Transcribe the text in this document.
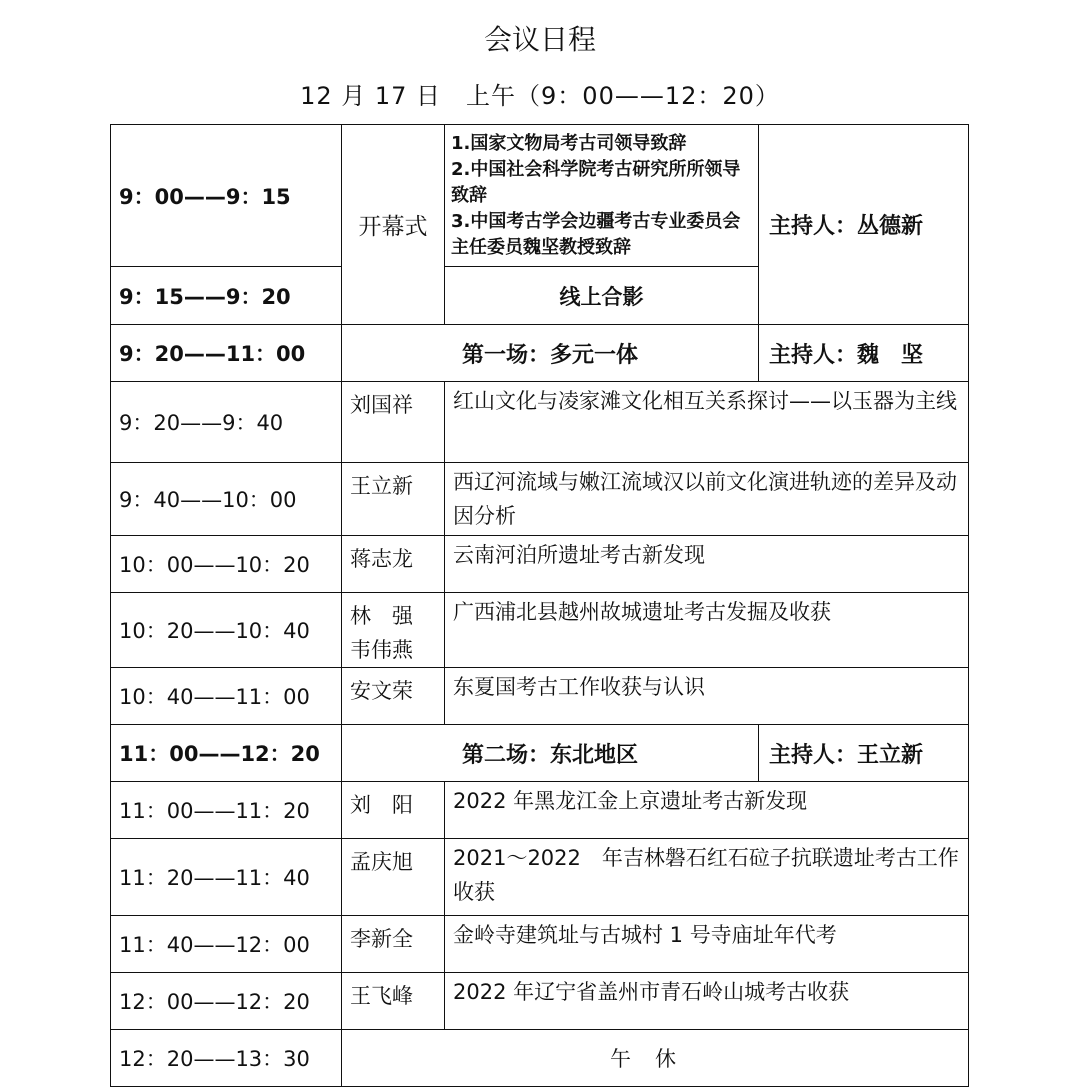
会议日程
12 月 17 日　上午（9：00——12：20）
9：00——9：15	开幕式	1.国家文物局考古司领导致辞
2.中国社会科学院考古研究所所领导致辞
3.中国考古学会边疆考古专业委员会主任委员魏坚教授致辞	主持人：丛德新
9：15——9：20		线上合影	
9：20——11：00	第一场：多元一体		主持人：魏　坚
9：20——9：40	刘国祥	红山文化与凌家滩文化相互关系探讨——以玉器为主线	
9：40——10：00	王立新	西辽河流域与嫩江流域汉以前文化演进轨迹的差异及动因分析	
10：00——10：20	蒋志龙	云南河泊所遗址考古新发现	
10：20——10：40	林　强
韦伟燕	广西浦北县越州故城遗址考古发掘及收获	
10：40——11：00	安文荣	东夏国考古工作收获与认识	
11：00——12：20	第二场：东北地区		主持人：王立新
11：00——11：20	刘　阳	2022 年黑龙江金上京遗址考古新发现	
11：20——11：40	孟庆旭	2021～2022　年吉林磐石红石砬子抗联遗址考古工作收获	
11：40——12：00	李新全	金岭寺建筑址与古城村 1 号寺庙址年代考	
12：00——12：20	王飞峰	2022 年辽宁省盖州市青石岭山城考古收获	
12：20——13：30	午休		
